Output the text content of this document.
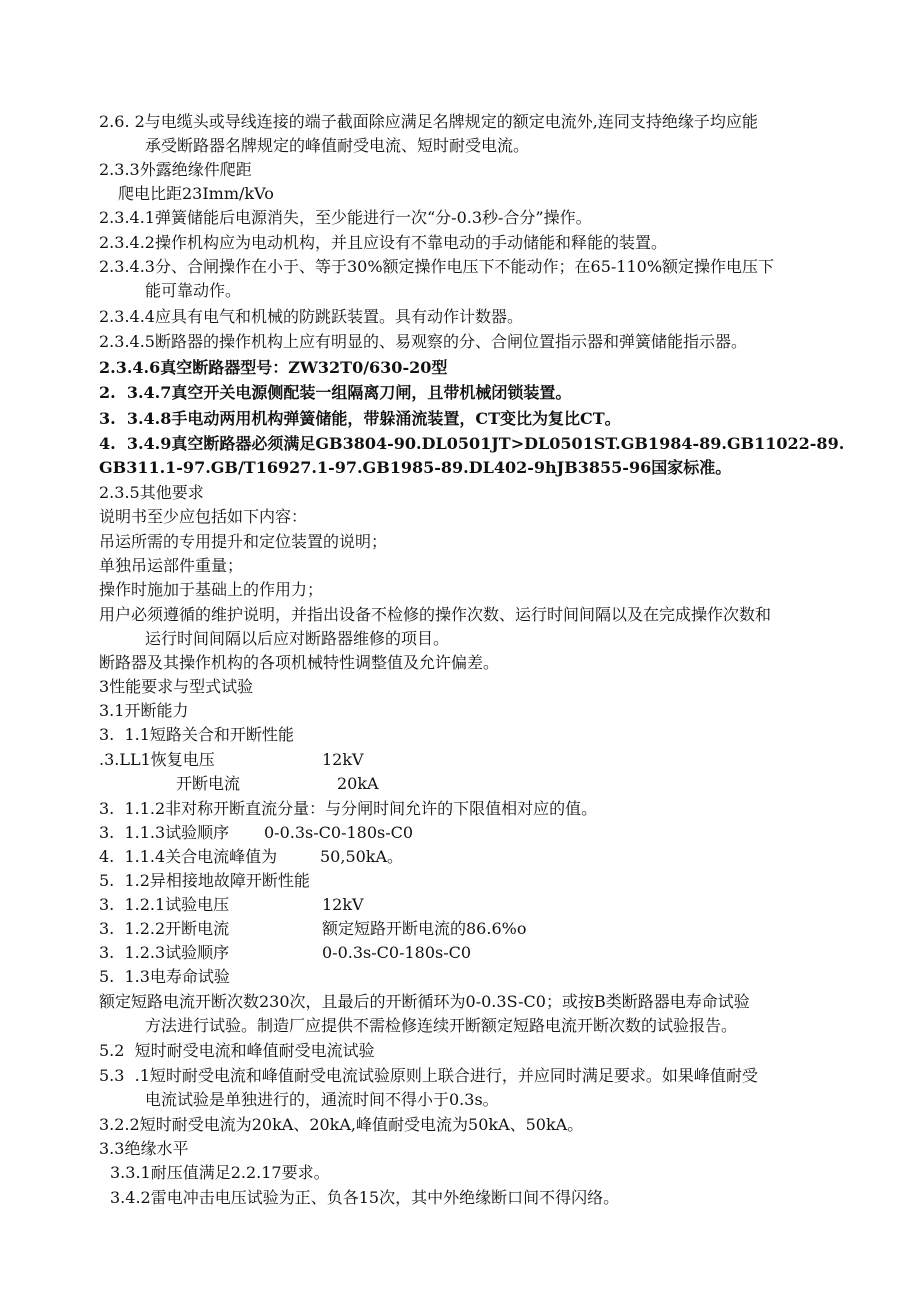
2.6. 2与电缆头或导线连接的端子截面除应满足名牌规定的额定电流外,连同支持绝缘子均应能
承受断路器名牌规定的峰值耐受电流、短时耐受电流。
2.3.3外露绝缘件爬距
爬电比距23Imm/kVo
2.3.4.1弹簧储能后电源消失，至少能进行一次“分-0.3秒-合分”操作。
2.3.4.2操作机构应为电动机构，并且应设有不靠电动的手动储能和释能的装置。
2.3.4.3分、合闸操作在小于、等于30%额定操作电压下不能动作；在65-110%额定操作电压下
能可靠动作。
2.3.4.4应具有电气和机械的防跳跃装置。具有动作计数器。
2.3.4.5断路器的操作机构上应有明显的、易观察的分、合闸位置指示器和弹簧储能指示器。
2.3.4.6真空断路器型号：ZW32T0/630-20型
2.  3.4.7真空开关电源侧配装一组隔离刀闸，且带机械闭锁装置。
3.  3.4.8手电动两用机构弹簧储能，带躲涌流装置，CT变比为复比CT。
4.  3.4.9真空断路器必须满足GB3804-90.DL0501JT>DL0501ST.GB1984-89.GB11022-89.
GB311.1-97.GB/T16927.1-97.GB1985-89.DL402-9hJB3855-96国家标准。
2.3.5其他要求
说明书至少应包括如下内容：
吊运所需的专用提升和定位装置的说明；
单独吊运部件重量；
操作时施加于基础上的作用力；
用户必须遵循的维护说明，并指出设备不检修的操作次数、运行时间间隔以及在完成操作次数和
运行时间间隔以后应对断路器维修的项目。
断路器及其操作机构的各项机械特性调整值及允许偏差。
3性能要求与型式试验
3.1开断能力
3.  1.1短路关合和开断性能
.3.LL1恢复电压	12kV
开断电流	20kA
3.  1.1.2非对称开断直流分量：与分闸时间允许的下限值相对应的值。
3.  1.1.3试验顺序 0-0.3s-C0-180s-C0
4.  1.1.4关合电流峰值为	50,50kA。
5.  1.2异相接地故障开断性能
3.  1.2.1试验电压	12kV
3.  1.2.2开断电流	额定短路开断电流的86.6%o
3.  1.2.3试验顺序	0-0.3s-C0-180s-C0
5.  1.3电寿命试验
额定短路电流开断次数230次，且最后的开断循环为0-0.3S-C0；或按B类断路器电寿命试验
方法进行试验。制造厂应提供不需检修连续开断额定短路电流开断次数的试验报告。
5.2  短时耐受电流和峰值耐受电流试验
5.3  .1短时耐受电流和峰值耐受电流试验原则上联合进行，并应同时满足要求。如果峰值耐受
电流试验是单独进行的，通流时间不得小于0.3s。
3.2.2短时耐受电流为20kA、20kA,峰值耐受电流为50kA、50kA。
3.3绝缘水平
3.3.1耐压值满足2.2.17要求。
3.4.2雷电冲击电压试验为正、负各15次，其中外绝缘断口间不得闪络。
